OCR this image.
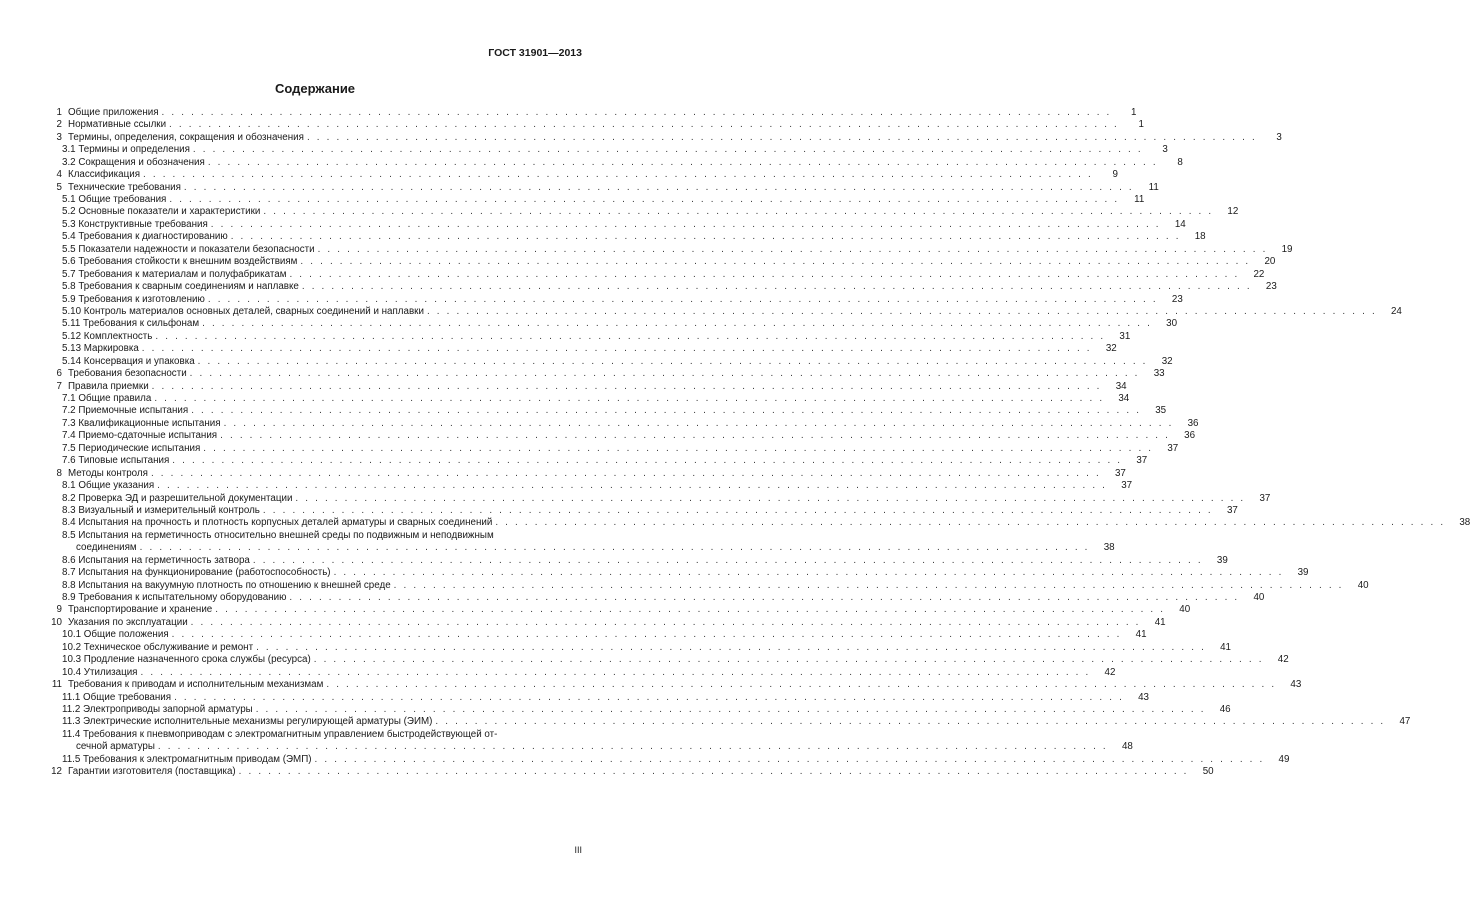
ГОСТ 31901—2013
Содержание
1 Общие приложения . . .	1
2 Нормативные ссылки . . .	1
3 Термины, определения, сокращения и обозначения . . .	3
3.1 Термины и определения . . .	3
3.2 Сокращения и обозначения . . .	8
4 Классификация . . .	9
5 Технические требования . . .	11
5.1 Общие требования . . .	11
5.2 Основные показатели и характеристики . . .	12
5.3 Конструктивные требования . . .	14
5.4 Требования к диагностированию . . .	18
5.5 Показатели надежности и показатели безопасности . . .	19
5.6 Требования стойкости к внешним воздействиям . . .	20
5.7 Требования к материалам и полуфабрикатам . . .	22
5.8 Требования к сварным соединениям и наплавке . . .	23
5.9 Требования к изготовлению . . .	23
5.10 Контроль материалов основных деталей, сварных соединений и наплавки . . .	24
5.11 Требования к сильфонам . . .	30
5.12 Комплектность . . .	31
5.13 Маркировка . . .	32
5.14 Консервация и упаковка . . .	32
6 Требования безопасности . . .	33
7 Правила приемки . . .	34
7.1 Общие правила . . .	34
7.2 Приемочные испытания . . .	35
7.3 Квалификационные испытания . . .	36
7.4 Приемо-сдаточные испытания . . .	36
7.5 Периодические испытания . . .	37
7.6 Типовые испытания . . .	37
8 Методы контроля . . .	37
8.1 Общие указания . . .	37
8.2 Проверка ЭД и разрешительной документации . . .	37
8.3 Визуальный и измерительный контроль . . .	37
8.4 Испытания на прочность и плотность корпусных деталей арматуры и сварных соединений . . .	38
8.5 Испытания на герметичность относительно внешней среды по подвижным и неподвижным
соединениям . . .	38
8.6 Испытания на герметичность затвора . . .	39
8.7 Испытания на функционирование (работоспособность) . . .	39
8.8 Испытания на вакуумную плотность по отношению к внешней среде . . .	40
8.9 Требования к испытательному оборудованию . . .	40
9 Транспортирование и хранение . . .	40
10 Указания по эксплуатации . . .	41
10.1 Общие положения . . .	41
10.2 Техническое обслуживание и ремонт . . .	41
10.3 Продление назначенного срока службы (ресурса) . . .	42
10.4 Утилизация . . .	42
11 Требования к приводам и исполнительным механизмам . . .	43
11.1 Общие требования . . .	43
11.2 Электроприводы запорной арматуры . . .	46
11.3 Электрические исполнительные механизмы регулирующей арматуры (ЭИМ) . . .	47
11.4 Требования к пневмоприводам с электромагнитным управлением быстродействующей от-
сечной арматуры . . .	48
11.5 Требования к электромагнитным приводам (ЭМП) . . .	49
12 Гарантии изготовителя (поставщика) . . .	50
III
